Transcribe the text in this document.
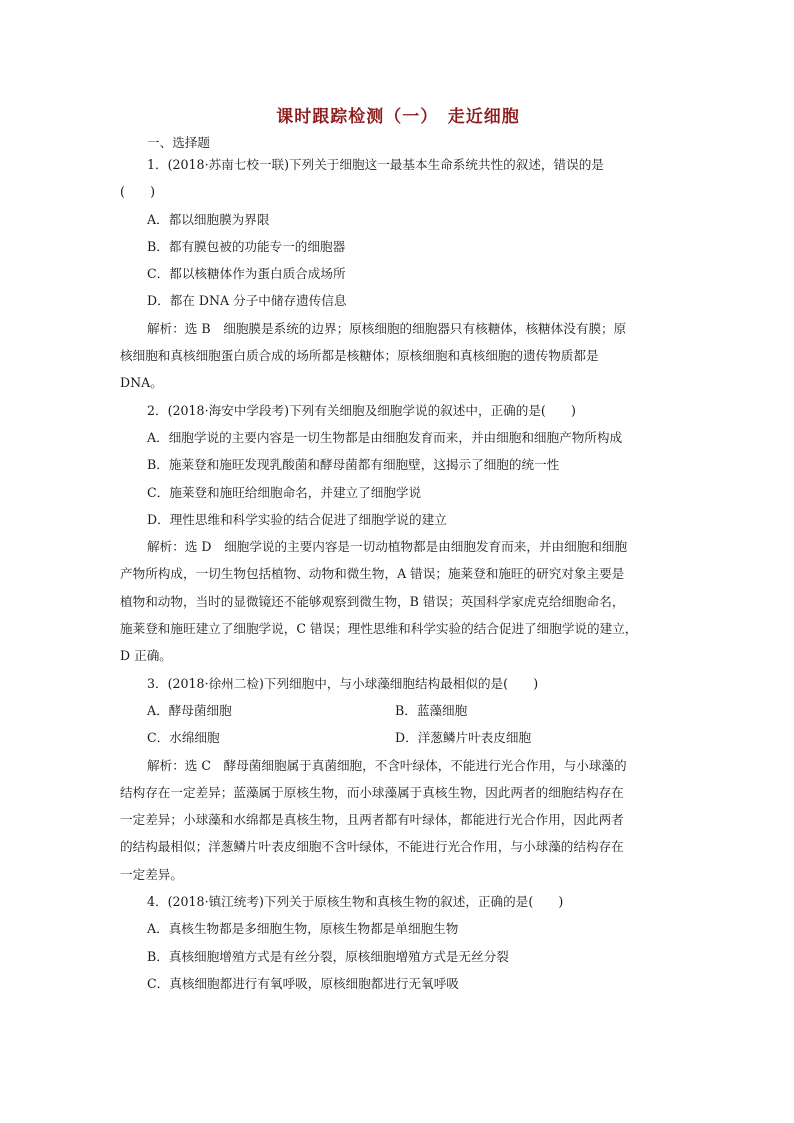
课时跟踪检测（一）　走近细胞
一、选择题
1．(2018·苏南七校一联)下列关于细胞这一最基本生命系统共性的叙述，错误的是
(　　)
A．都以细胞膜为界限
B．都有膜包被的功能专一的细胞器
C．都以核糖体作为蛋白质合成场所
D．都在 DNA 分子中储存遗传信息
解析：选 B　细胞膜是系统的边界；原核细胞的细胞器只有核糖体，核糖体没有膜；原
核细胞和真核细胞蛋白质合成的场所都是核糖体；原核细胞和真核细胞的遗传物质都是
DNA。
2．(2018·海安中学段考)下列有关细胞及细胞学说的叙述中，正确的是(　　)
A．细胞学说的主要内容是一切生物都是由细胞发育而来，并由细胞和细胞产物所构成
B．施莱登和施旺发现乳酸菌和酵母菌都有细胞壁，这揭示了细胞的统一性
C．施莱登和施旺给细胞命名，并建立了细胞学说
D．理性思维和科学实验的结合促进了细胞学说的建立
解析：选 D　细胞学说的主要内容是一切动植物都是由细胞发育而来，并由细胞和细胞
产物所构成，一切生物包括植物、动物和微生物，A 错误；施莱登和施旺的研究对象主要是
植物和动物，当时的显微镜还不能够观察到微生物，B 错误；英国科学家虎克给细胞命名，
施莱登和施旺建立了细胞学说，C 错误；理性思维和科学实验的结合促进了细胞学说的建立，
D 正确。
3．(2018·徐州二检)下列细胞中，与小球藻细胞结构最相似的是(　　)
A．酵母菌细胞	B．蓝藻细胞
C．水绵细胞	D．洋葱鳞片叶表皮细胞
解析：选 C　酵母菌细胞属于真菌细胞，不含叶绿体，不能进行光合作用，与小球藻的
结构存在一定差异；蓝藻属于原核生物，而小球藻属于真核生物，因此两者的细胞结构存在
一定差异；小球藻和水绵都是真核生物，且两者都有叶绿体，都能进行光合作用，因此两者
的结构最相似；洋葱鳞片叶表皮细胞不含叶绿体，不能进行光合作用，与小球藻的结构存在
一定差异。
4．(2018·镇江统考)下列关于原核生物和真核生物的叙述，正确的是(　　)
A．真核生物都是多细胞生物，原核生物都是单细胞生物
B．真核细胞增殖方式是有丝分裂，原核细胞增殖方式是无丝分裂
C．真核细胞都进行有氧呼吸，原核细胞都进行无氧呼吸
